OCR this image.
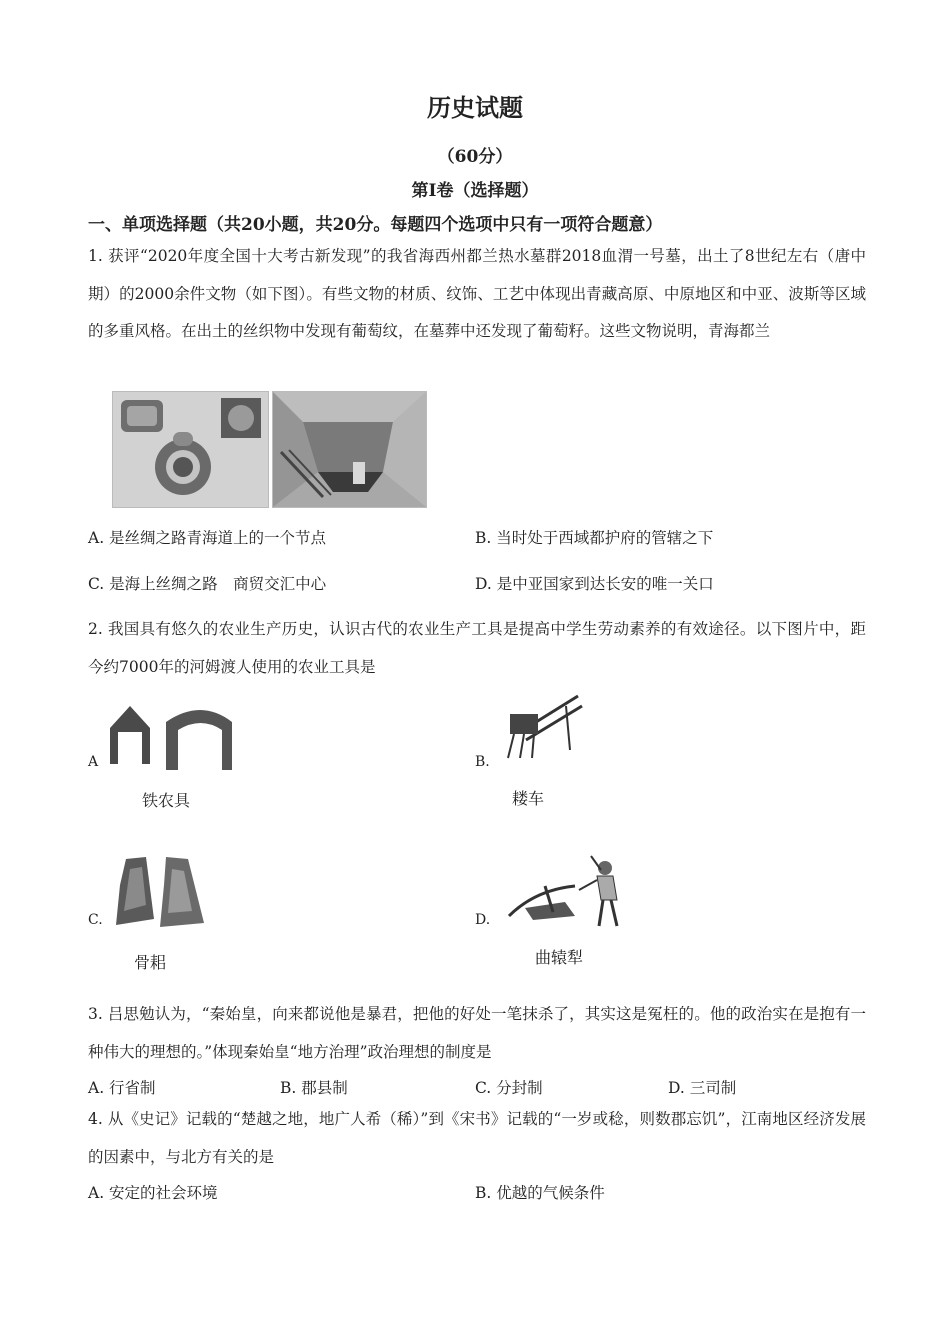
历史试题
（60分）
第Ⅰ卷（选择题）
一、单项选择题（共20小题，共20分。每题四个选项中只有一项符合题意）
1. 获评“2020年度全国十大考古新发现”的我省海西州都兰热水墓群2018血渭一号墓，出土了8世纪左右（唐中期）的2000余件文物（如下图）。有些文物的材质、纹饰、工艺中体现出青藏高原、中原地区和中亚、波斯等区域的多重风格。在出土的丝织物中发现有葡萄纹，在墓葬中还发现了葡萄籽。这些文物说明，青海都兰
A. 是丝绸之路青海道上的一个节点	B. 当时处于西域都护府的管辖之下
C. 是海上丝绸之路　商贸交汇中心	D. 是中亚国家到达长安的唯一关口
2. 我国具有悠久的农业生产历史，认识古代的农业生产工具是提高中学生劳动素养的有效途径。以下图片中，距今约7000年的河姆渡人使用的农业工具是
A
铁农具
B.
耧车
C.
骨耜
D.
曲辕犁
3. 吕思勉认为，“秦始皇，向来都说他是暴君，把他的好处一笔抹杀了，其实这是冤枉的。他的政治实在是抱有一种伟大的理想的。”体现秦始皇“地方治理”政治理想的制度是
A. 行省制	B. 郡县制	C. 分封制	D. 三司制
4. 从《史记》记载的“楚越之地，地广人希（稀）”到《宋书》记载的“一岁或稔，则数郡忘饥”，江南地区经济发展的因素中，与北方有关的是
A. 安定的社会环境	B. 优越的气候条件
